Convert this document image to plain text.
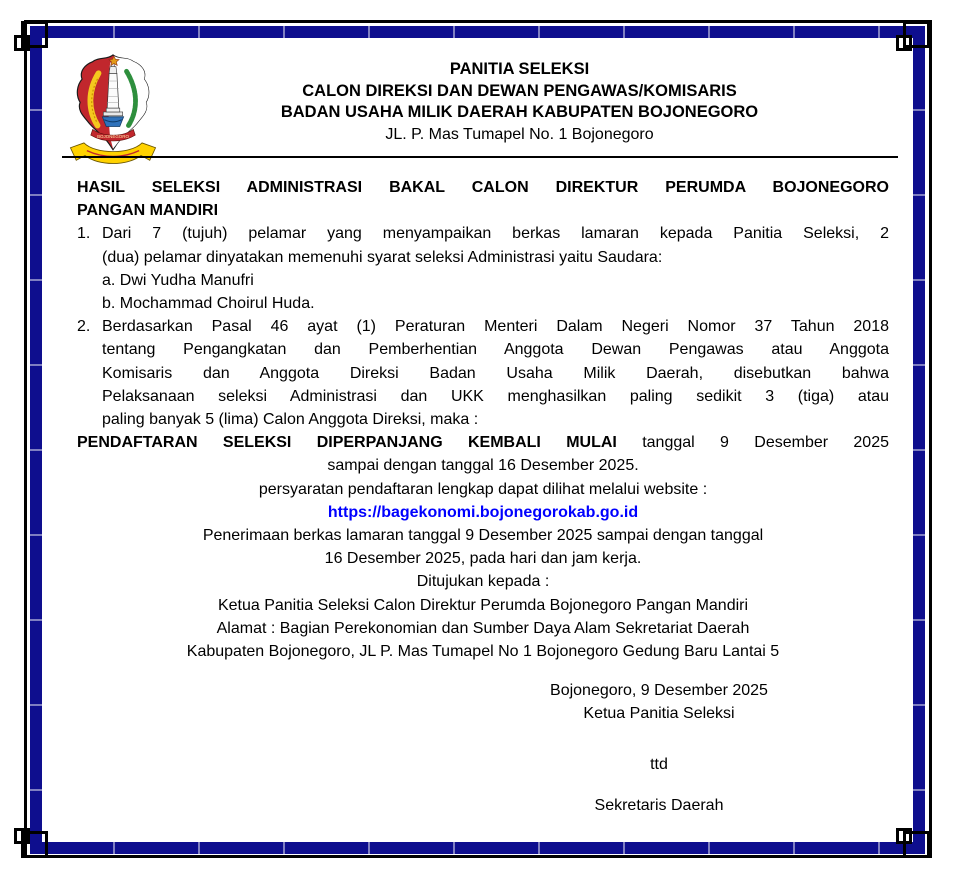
BOJONEGORO
PANITIA SELEKSI
CALON DIREKSI DAN DEWAN PENGAWAS/KOMISARIS
BADAN USAHA MILIK DAERAH KABUPATEN BOJONEGORO
JL. P. Mas Tumapel No. 1 Bojonegoro
HASIL SELEKSI ADMINISTRASI BAKAL CALON DIREKTUR PERUMDA BOJONEGORO
PANGAN MANDIRI
1. Dari 7 (tujuh) pelamar yang menyampaikan berkas lamaran kepada Panitia Seleksi, 2
(dua) pelamar dinyatakan memenuhi syarat seleksi Administrasi yaitu Saudara:
a. Dwi Yudha Manufri
b. Mochammad Choirul Huda.
2. Berdasarkan Pasal 46 ayat (1) Peraturan Menteri Dalam Negeri Nomor 37 Tahun 2018
tentang Pengangkatan dan Pemberhentian Anggota Dewan Pengawas atau Anggota
Komisaris dan Anggota Direksi Badan Usaha Milik Daerah, disebutkan bahwa
Pelaksanaan seleksi Administrasi dan UKK menghasilkan paling sedikit 3 (tiga) atau
paling banyak 5 (lima) Calon Anggota Direksi, maka :
PENDAFTARAN SELEKSI DIPERPANJANG KEMBALI MULAI tanggal 9 Desember 2025
sampai dengan tanggal 16 Desember 2025.
persyaratan pendaftaran lengkap dapat dilihat melalui website :
https://bagekonomi.bojonegorokab.go.id
Penerimaan berkas lamaran tanggal 9 Desember 2025 sampai dengan tanggal
16 Desember 2025, pada hari dan jam kerja.
Ditujukan kepada :
Ketua Panitia Seleksi Calon Direktur Perumda Bojonegoro Pangan Mandiri
Alamat : Bagian Perekonomian dan Sumber Daya Alam Sekretariat Daerah
Kabupaten Bojonegoro, JL P. Mas Tumapel No 1 Bojonegoro Gedung Baru Lantai 5
Bojonegoro, 9 Desember 2025
Ketua Panitia Seleksi
ttd
Sekretaris Daerah
